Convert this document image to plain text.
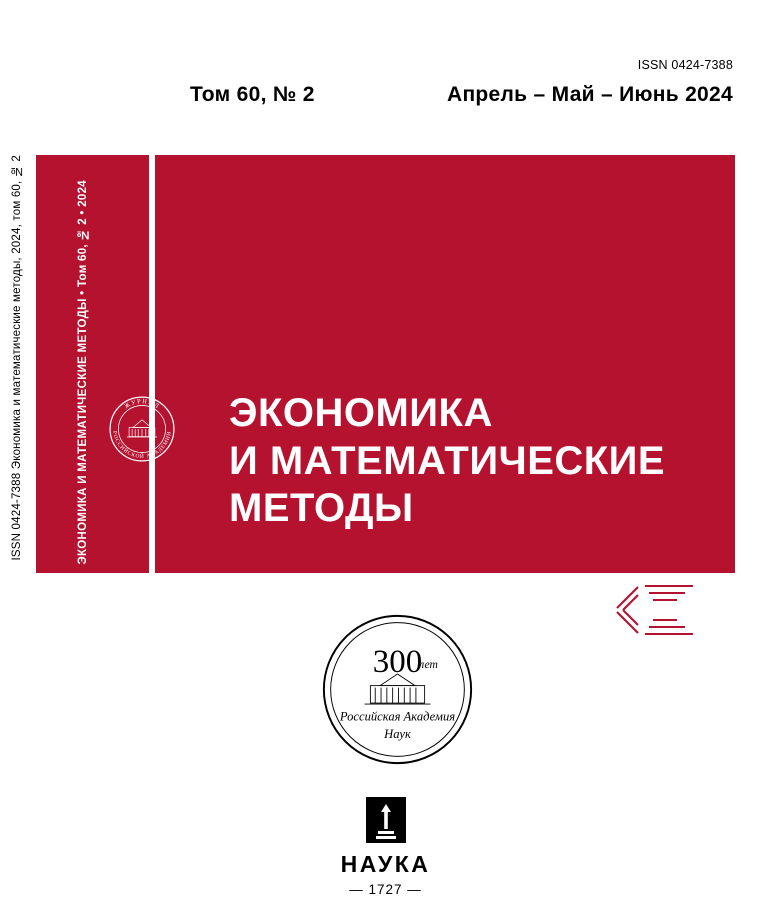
ISSN 0424-7388
Том 60, № 2	Апрель – Май – Июнь 2024
ISSN 0424-7388 Экономика и математические методы, 2024, том 60, № 2	ЭКОНОМИКА И МАТЕМАТИЧЕСКИЕ МЕТОДЫ • Том 60, № 2 • 2024	ЖУРНАЛ
РОССИЙСКОЙ АКАДЕМИИ ЭКОНОМИКА
И МАТЕМАТИЧЕСКИЕ
МЕТОДЫ
300
лет
Российская Академия
Наук
НАУКА
— 1727 —
